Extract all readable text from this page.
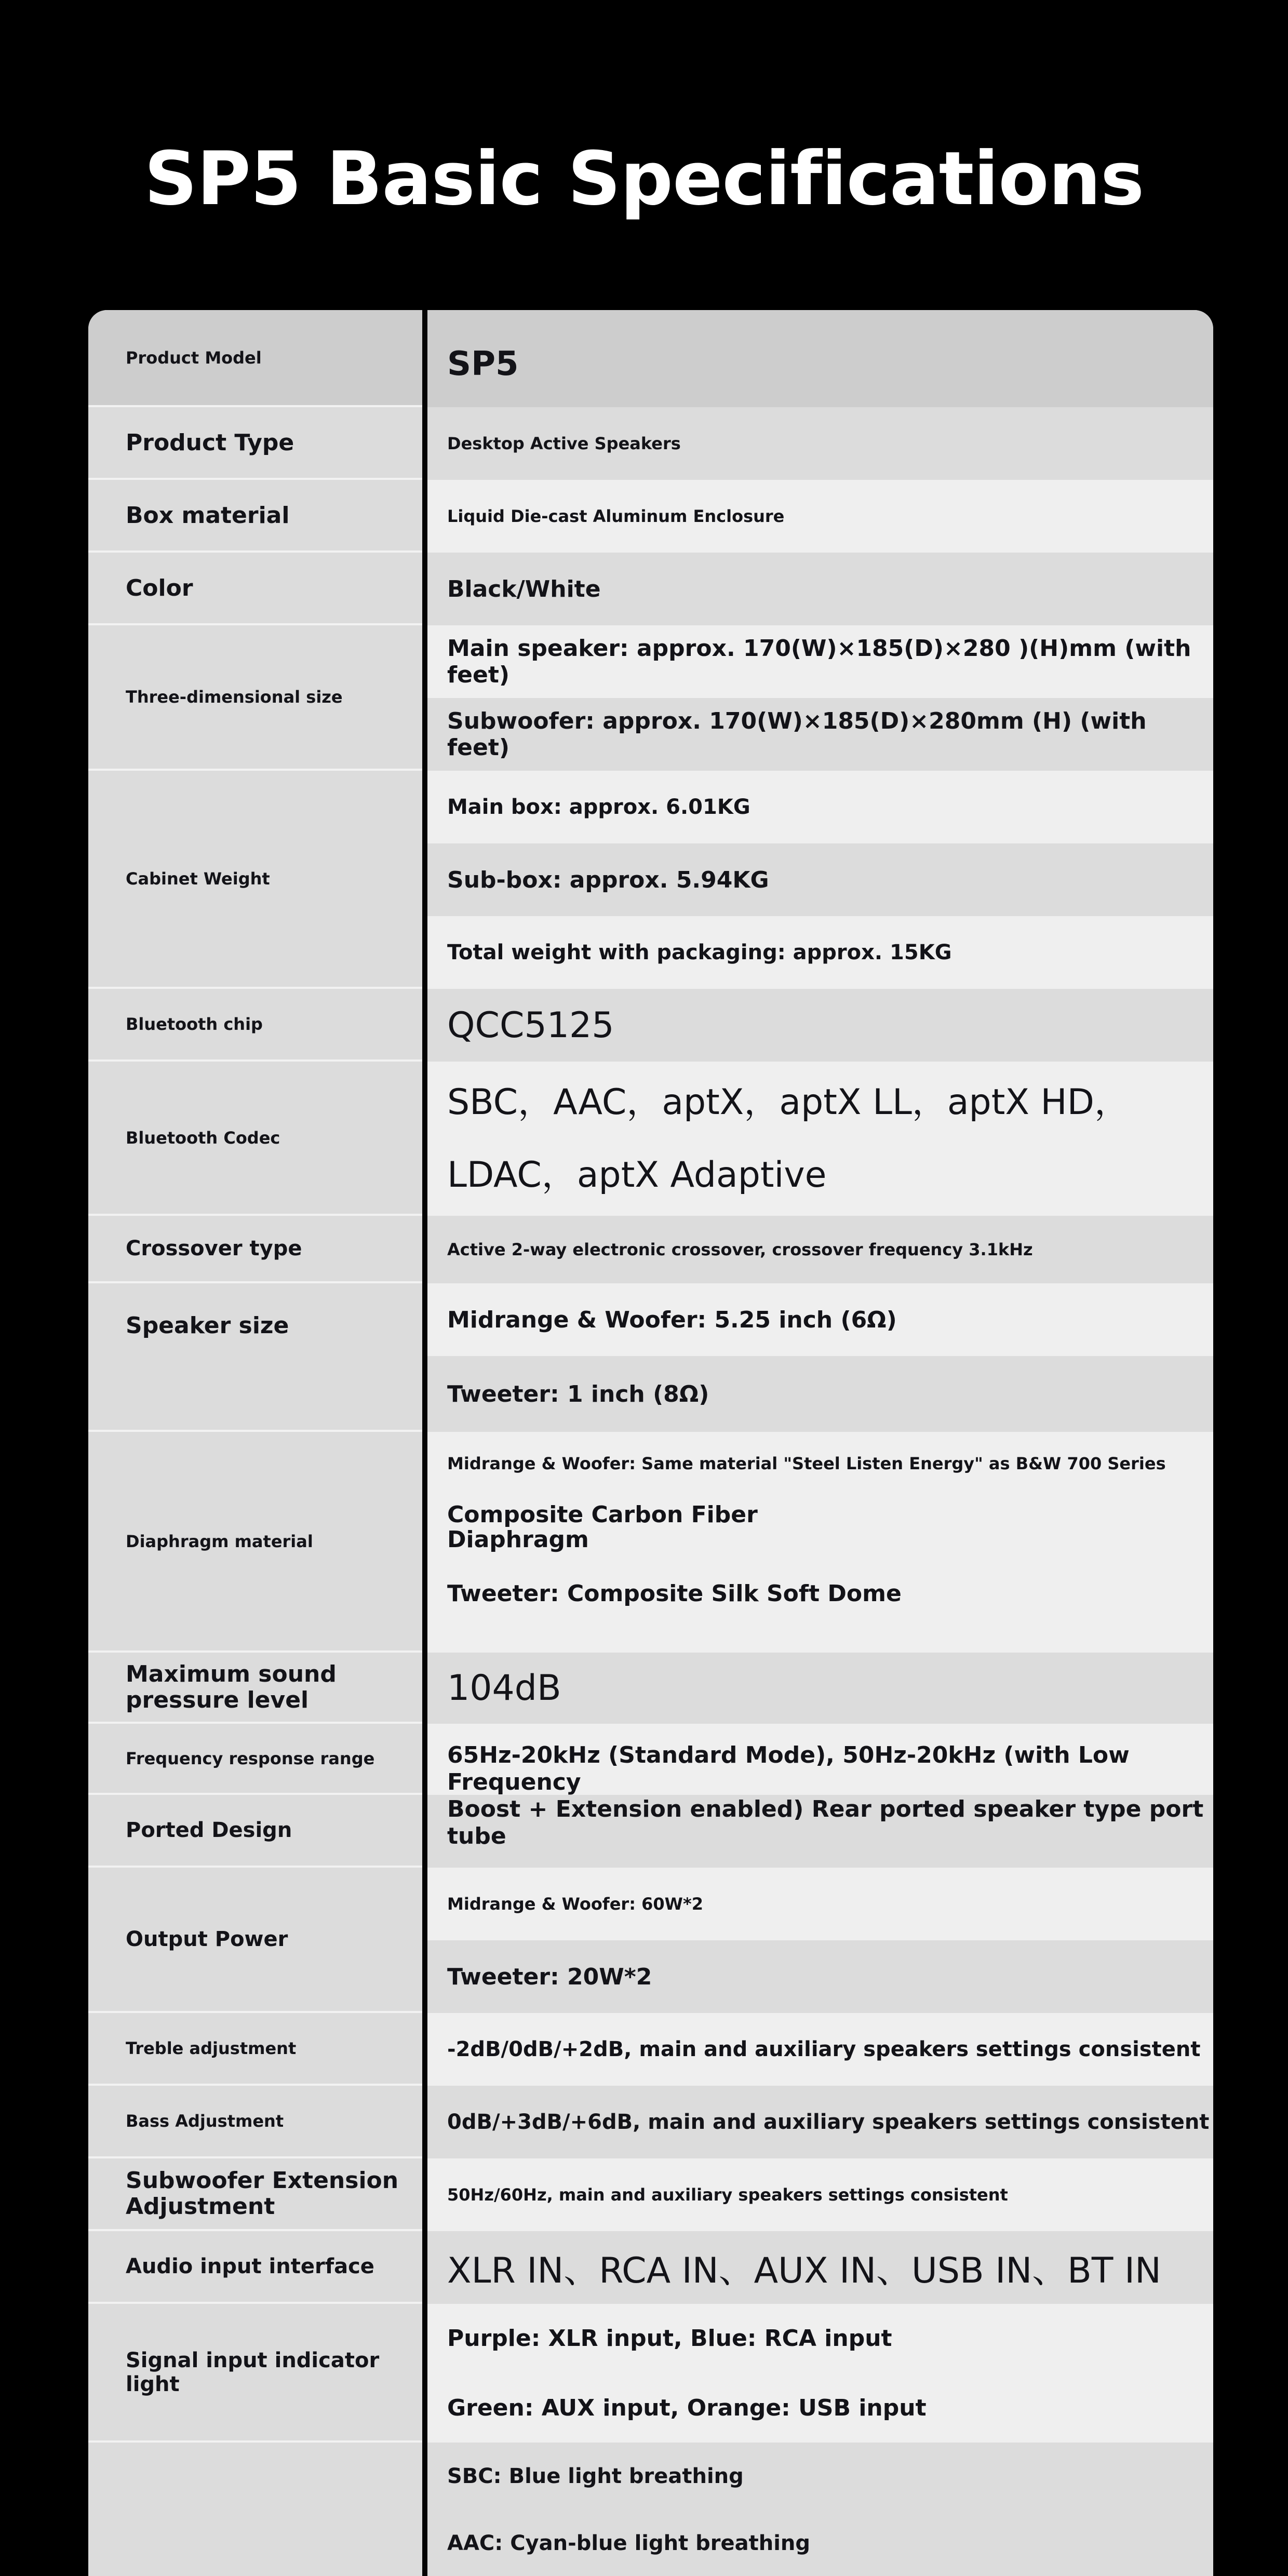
SP5 Basic Specifications
Product Model
Product Type
Box material
Color
Three-dimensional size
Cabinet Weight
Bluetooth chip
Bluetooth Codec
Crossover type
Speaker size
Diaphragm material
Maximum sound
pressure level
Frequency response range
Ported Design
Output Power
Treble adjustment
Bass Adjustment
Subwoofer Extension
Adjustment
Audio input interface
Signal input indicator light
SP5
Desktop Active Speakers
Liquid Die-cast Aluminum Enclosure
Black/White
Main speaker: approx. 170(W)×185(D)×280 )(H)mm (with feet)
Subwoofer: approx. 170(W)×185(D)×280mm (H) (with feet)
Main box: approx. 6.01KG
Sub-box: approx. 5.94KG
Total weight with packaging: approx. 15KG
QCC5125
SBC，AAC，aptX，aptX LL，aptX HD，
LDAC，aptX Adaptive
Active 2-way electronic crossover, crossover frequency 3.1kHz
Midrange & Woofer: 5.25 inch (6Ω)
Tweeter: 1 inch (8Ω)
Midrange & Woofer: Same material "Steel Listen Energy" as B&W 700 Series
Composite Carbon Fiber
Diaphragm
Tweeter: Composite Silk Soft Dome
104dB
65Hz-20kHz (Standard Mode), 50Hz-20kHz (with Low Frequency
Boost + Extension enabled) Rear ported speaker type port tube
Midrange & Woofer: 60W*2
Tweeter: 20W*2
-2dB/0dB/+2dB, main and auxiliary speakers settings consistent
0dB/+3dB/+6dB, main and auxiliary speakers settings consistent
50Hz/60Hz, main and auxiliary speakers settings consistent
XLR IN、RCA IN、AUX IN、USB IN、BT IN
Purple: XLR input, Blue: RCA input
Green: AUX input, Orange: USB input
SBC: Blue light breathing
AAC: Cyan-blue light breathing
